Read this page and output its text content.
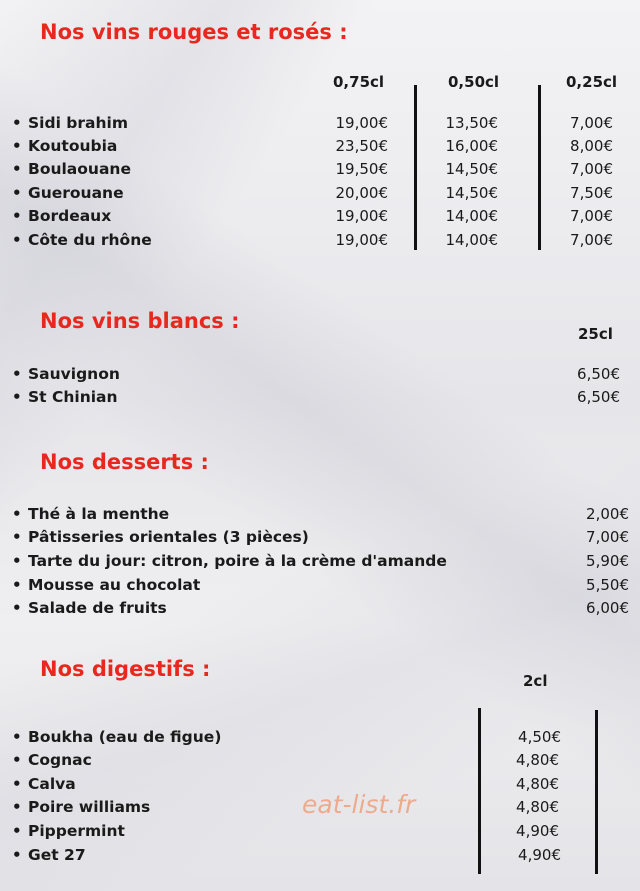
Nos vins rouges et rosés :
0,75cl	0,50cl	0,25cl
• Sidi brahim	19,00€	13,50€	7,00€
• Koutoubia	23,50€	16,00€	8,00€
• Boulaouane	19,50€	14,50€	7,00€
• Guerouane	20,00€	14,50€	7,50€
• Bordeaux	19,00€	14,00€	7,00€
• Côte du rhône	19,00€	14,00€	7,00€
Nos vins blancs :
25cl
• Sauvignon	6,50€
• St Chinian	6,50€
Nos desserts :
• Thé à la menthe	2,00€
• Pâtisseries orientales (3 pièces)	7,00€
• Tarte du jour: citron, poire à la crème d'amande	5,90€
• Mousse au chocolat	5,50€
• Salade de fruits	6,00€
Nos digestifs :	2cl
• Boukha (eau de figue)	4,50€
• Cognac	4,80€
• Calva	4,80€
• Poire williams	4,80€
• Pippermint	4,90€
• Get 27	4,90€
eat-list.fr
